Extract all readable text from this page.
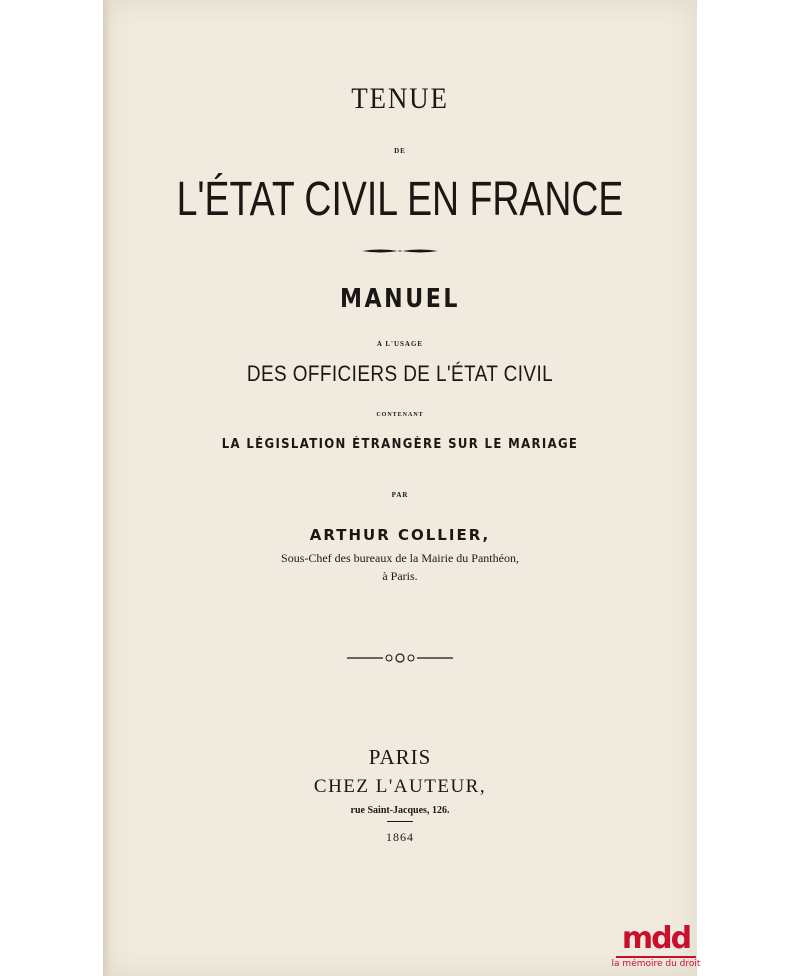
TENUE
DE
L'ÉTAT CIVIL EN FRANCE
MANUEL
A L'USAGE
DES OFFICIERS DE L'ÉTAT CIVIL
CONTENANT
LA LÉGISLATION ÉTRANGÈRE SUR LE MARIAGE
PAR
ARTHUR COLLIER,
Sous-Chef des bureaux de la Mairie du Panthéon,
à Paris.
PARIS
CHEZ L'AUTEUR,
rue Saint-Jacques, 126.
1864
mdd
la mémoire du droit
